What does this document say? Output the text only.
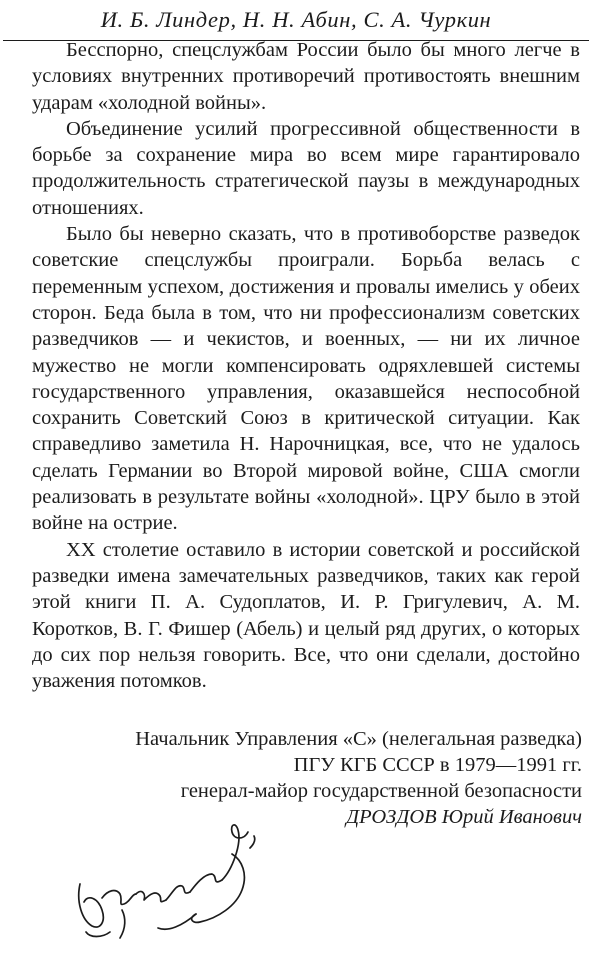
И. Б. Линдер, Н. Н. Абин, С. А. Чуркин

Бесспорно, спецслужбам России было бы много легче в условиях внутренних противоречий противостоять внешним ударам «холодной войны».

Объединение усилий прогрессивной общественности в борьбе за сохранение мира во всем мире гарантировало продолжительность стратегической паузы в международных отношениях.

Было бы неверно сказать, что в противоборстве разведок советские спецслужбы проиграли. Борьба велась с переменным успехом, достижения и провалы имелись у обеих сторон. Беда была в том, что ни профессионализм советских разведчиков — и чекистов, и военных, — ни их личное мужество не могли компенсировать одряхлевшей системы государственного управления, оказавшейся неспособной сохранить Советский Союз в критической ситуации. Как справедливо заметила Н. Нарочницкая, все, что не удалось сделать Германии во Второй мировой войне, США смогли реализовать в результате войны «холодной». ЦРУ было в этой войне на острие.

XX столетие оставило в истории советской и российской разведки имена замечательных разведчиков, таких как герой этой книги П. А. Судоплатов, И. Р. Григулевич, А. М. Коротков, В. Г. Фишер (Абель) и целый ряд других, о которых до сих пор нельзя говорить. Все, что они сделали, достойно уважения потомков.

Начальник Управления «С» (нелегальная разведка)
ПГУ КГБ СССР в 1979—1991 гг.
генерал-майор государственной безопасности
ДРОЗДОВ Юрий Иванович
